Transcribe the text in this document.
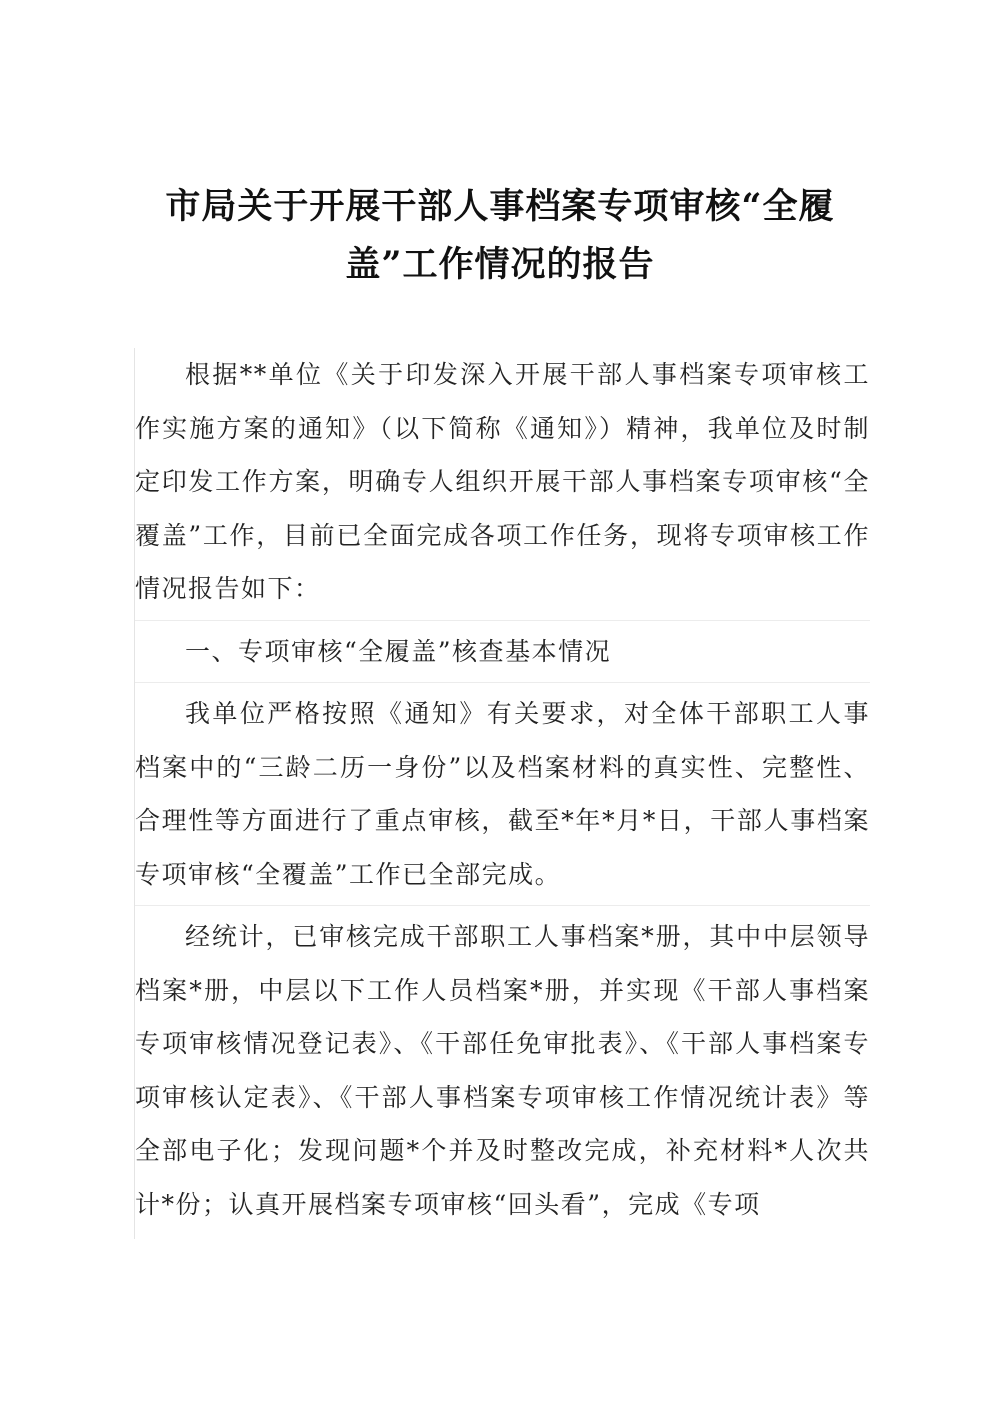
市局关于开展干部人事档案专项审核“全履盖”工作情况的报告

根据**单位《关于印发深入开展干部人事档案专项审核工作实施方案的通知》（以下简称《通知》）精神，我单位及时制定印发工作方案，明确专人组织开展干部人事档案专项审核“全覆盖”工作，目前已全面完成各项工作任务，现将专项审核工作情况报告如下：

一、专项审核“全履盖”核查基本情况

我单位严格按照《通知》有关要求，对全体干部职工人事档案中的“三龄二历一身份”以及档案材料的真实性、完整性、合理性等方面进行了重点审核，截至*年*月*日，干部人事档案专项审核“全覆盖”工作已全部完成。

经统计，已审核完成干部职工人事档案*册，其中中层领导档案*册，中层以下工作人员档案*册，并实现《干部人事档案专项审核情况登记表》、《干部任免审批表》、《干部人事档案专项审核认定表》、《干部人事档案专项审核工作情况统计表》等全部电子化；发现问题*个并及时整改完成，补充材料*人次共计*份；认真开展档案专项审核“回头看”，完成《专项
